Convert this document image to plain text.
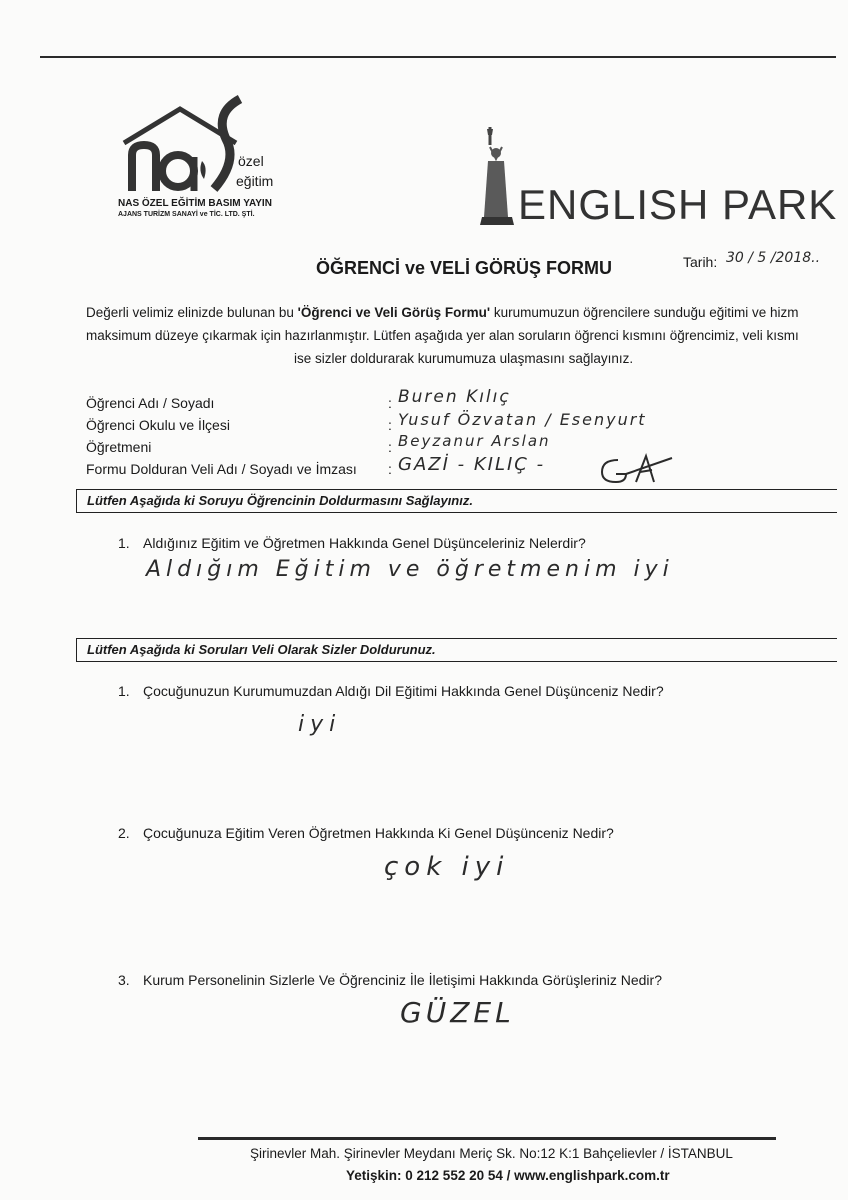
özel
eğitim
NAS ÖZEL EĞİTİM BASIM YAYIN
AJANS TURİZM SANAYİ ve TİC. LTD. ŞTİ.	ENGLISH PARK
ÖĞRENCİ ve VELİ GÖRÜŞ FORMU	Tarih: 30 / 5 /2018..
Değerli velimiz elinizde bulunan bu 'Öğrenci ve Veli Görüş Formu' kurumumuzun öğrencilere sunduğu eğitimi ve hizm
maksimum düzeye çıkarmak için hazırlanmıştır. Lütfen aşağıda yer alan soruların öğrenci kısmını öğrencimiz, veli kısmı
ise sizler doldurarak kurumumuza ulaşmasını sağlayınız.
Öğrenci Adı / Soyadı	: Buren Kılıç
Öğrenci Okulu ve İlçesi	: Yusuf Özvatan / Esenyurt
Öğretmeni	: Beyzanur Arslan
Formu Dolduran Veli Adı / Soyadı ve İmzası : GAZİ - KILIÇ -
Lütfen Aşağıda ki Soruyu Öğrencinin Doldurmasını Sağlayınız.
1. Aldığınız Eğitim ve Öğretmen Hakkında Genel Düşünceleriniz Nelerdir?
Aldığım Eğitim ve öğretmenim iyi
Lütfen Aşağıda ki Soruları Veli Olarak Sizler Doldurunuz.
1. Çocuğunuzun Kurumumuzdan Aldığı Dil Eğitimi Hakkında Genel Düşünceniz Nedir?
iyi
2. Çocuğunuza Eğitim Veren Öğretmen Hakkında Ki Genel Düşünceniz Nedir?
çok iyi
3. Kurum Personelinin Sizlerle Ve Öğrenciniz İle İletişimi Hakkında Görüşleriniz Nedir?
GÜZEL
Şirinevler Mah. Şirinevler Meydanı Meriç Sk. No:12 K:1 Bahçelievler / İSTANBUL
Yetişkin: 0 212 552 20 54 / www.englishpark.com.tr
